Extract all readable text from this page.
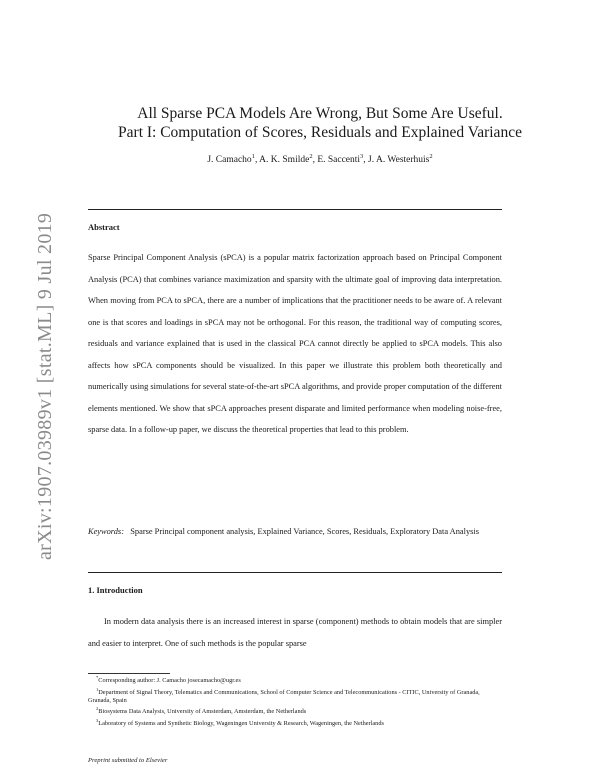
arXiv:1907.03989v1 [stat.ML] 9 Jul 2019
All Sparse PCA Models Are Wrong, But Some Are Useful.
Part I: Computation of Scores, Residuals and Explained Variance
J. Camacho$^1$, A. K. Smilde$^2$, E. Saccenti$^3$, J. A. Westerhuis$^2$
Abstract
Sparse Principal Component Analysis (sPCA) is a popular matrix factorization approach based on Principal Component Analysis (PCA) that combines variance maximization and sparsity with the ultimate goal of improving data interpretation. When moving from PCA to sPCA, there are a number of implications that the practitioner needs to be aware of. A relevant one is that scores and loadings in sPCA may not be orthogonal. For this reason, the traditional way of computing scores, residuals and variance explained that is used in the classical PCA cannot directly be applied to sPCA models. This also affects how sPCA components should be visualized. In this paper we illustrate this problem both theoretically and numerically using simulations for several state-of-the-art sPCA algorithms, and provide proper computation of the different elements mentioned. We show that sPCA approaches present disparate and limited performance when modeling noise-free, sparse data. In a follow-up paper, we discuss the theoretical properties that lead to this problem.
Keywords: Sparse Principal component analysis, Explained Variance, Scores, Residuals, Exploratory Data Analysis
1. Introduction
In modern data analysis there is an increased interest in sparse (component) methods to obtain models that are simpler and easier to interpret. One of such methods is the popular sparse
*Corresponding author: J. Camacho josecamacho@ugr.es
$^1$Department of Signal Theory, Telematics and Communications, School of Computer Science and Telecommunications - CITIC, University of Granada, Granada, Spain
$^2$Biosystems Data Analysis, University of Amsterdam, Amsterdam, the Netherlands
$^3$Laboratory of Systems and Synthetic Biology, Wageningen University & Research, Wageningen, the Netherlands
Preprint submitted to Elsevier
